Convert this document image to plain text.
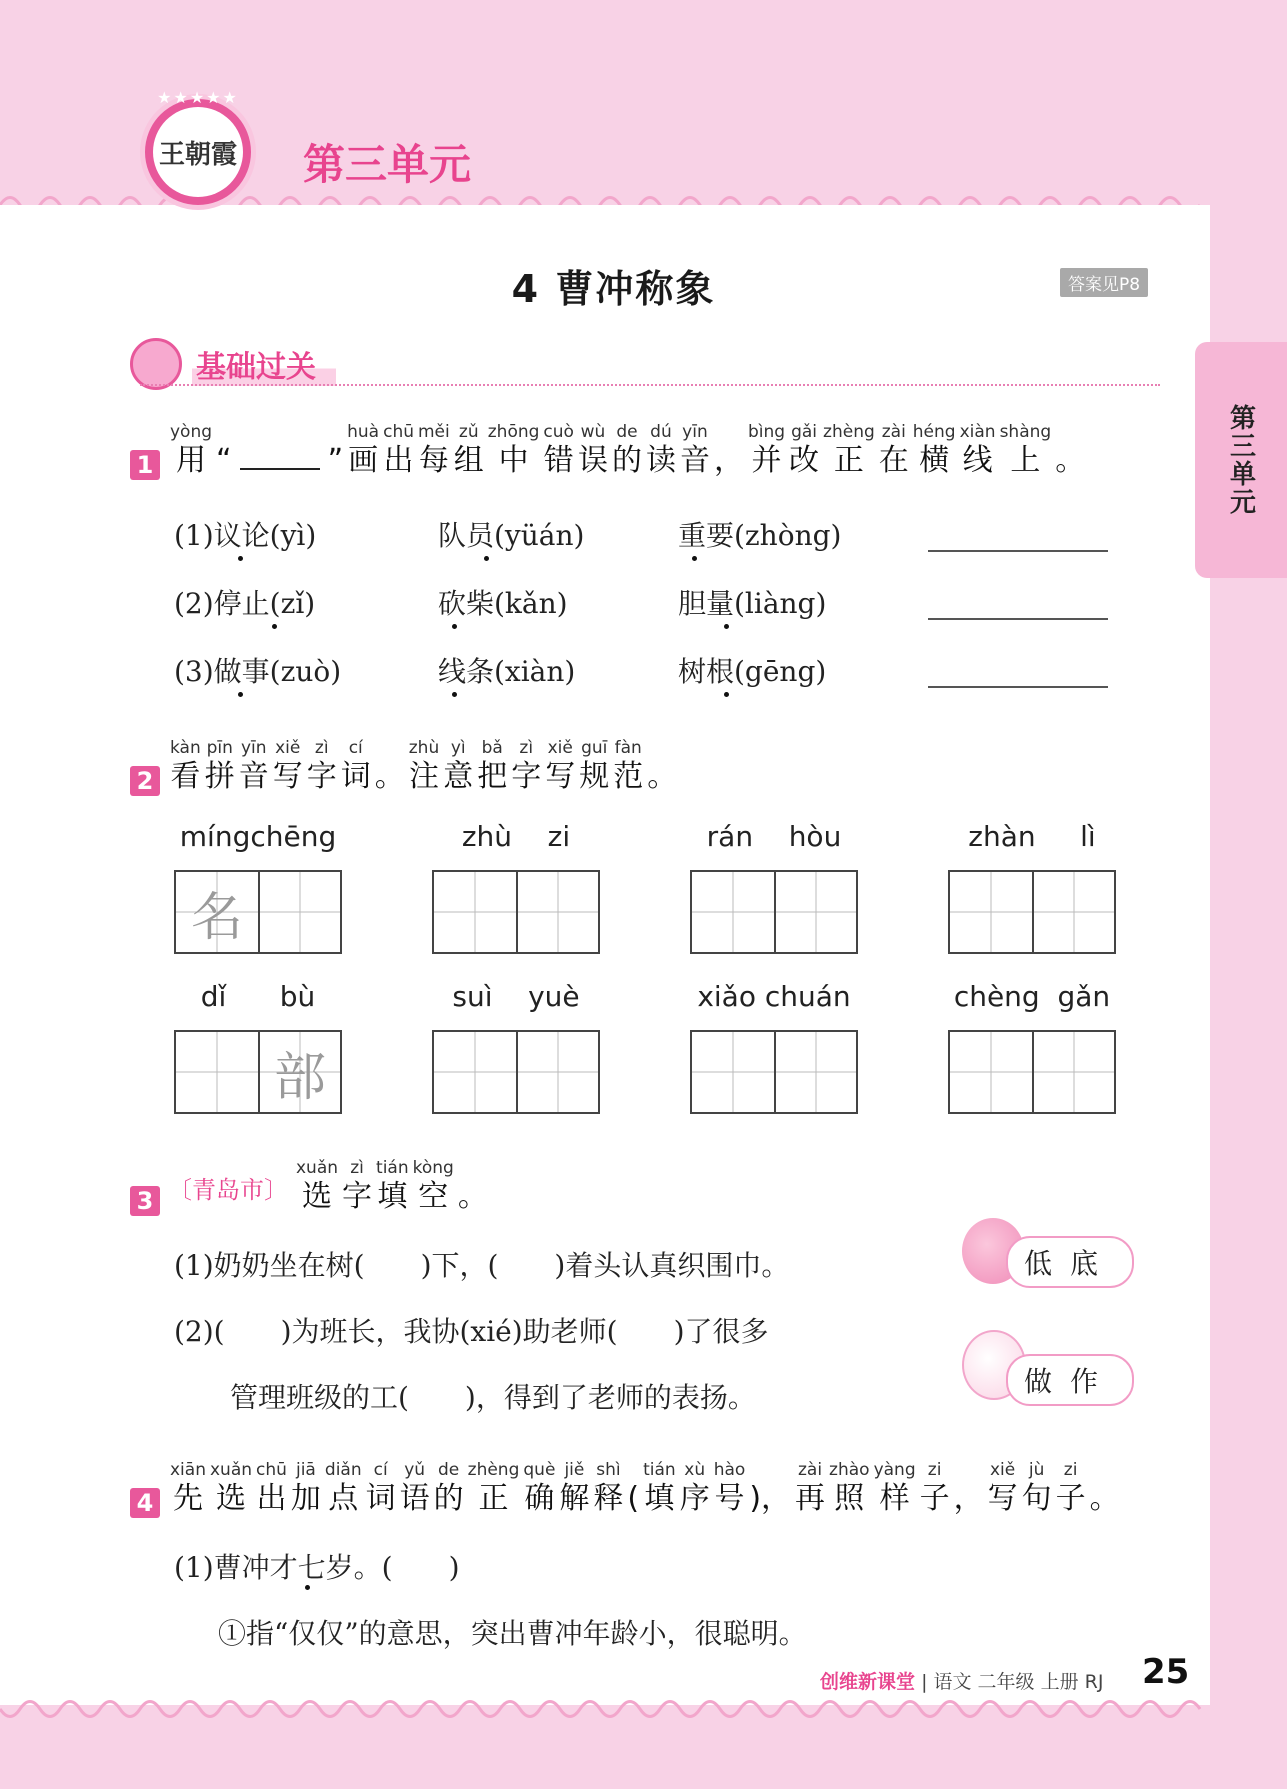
王朝霞
★★★★★
第三单元
4 曹冲称象	答案见P8
第三单元
基础过关
1
yòng
用 “	”
huà
画
chū
出
měi
每
zǔ
组
zhōng
中
cuò
错
wù
误
de
的
dú
读
yīn
音 ，
bìng
并
gǎi
改
zhèng
正
zài
在
héng
横
xiàn
线
shàng
上 。
(1)议论(yì)	队员(yüán)	重要(zhòng)
(2)停止(zǐ)	砍柴(kǎn)	胆量(liàng)
(3)做事(zuò)	线条(xiàn)	树根(gēng)
2
kàn
看
pīn
拼
yīn
音
xiě
写
zì
字
cí
词 。
zhù
注
yì
意
bǎ
把
zì
字
xiě
写
guī
规
fàn
范 。
míngchēng
名
zhù    zi	rán    hòu	zhàn     lì
dǐ      bù
部
suì    yuè	xiǎo chuán	chèng  gǎn
3 〔青岛市〕
xuǎn
选
zì
字
tián
填
kòng
空 。
(1)奶奶坐在树(　　)下，(　　)着头认真织围巾。
(2)(　　)为班长，我协(xié)助老师(　　)了很多
管理班级的工(　　)，得到了老师的表扬。
低底
做作
4
xiān
先
xuǎn
选
chū
出
jiā
加
diǎn
点
cí
词
yǔ
语
de
的
zhèng
正
què
确
jiě
解
shì
释 (
tián
填
xù
序
hào
号 )，
zài
再
zhào
照
yàng
样
zi
子 ，
xiě
写
jù
句
zi
子 。
(1)曹冲才七岁。(　　)
①指“仅仅”的意思，突出曹冲年龄小，很聪明。
创维新课堂 | 语文 二年级 上册 RJ 25
